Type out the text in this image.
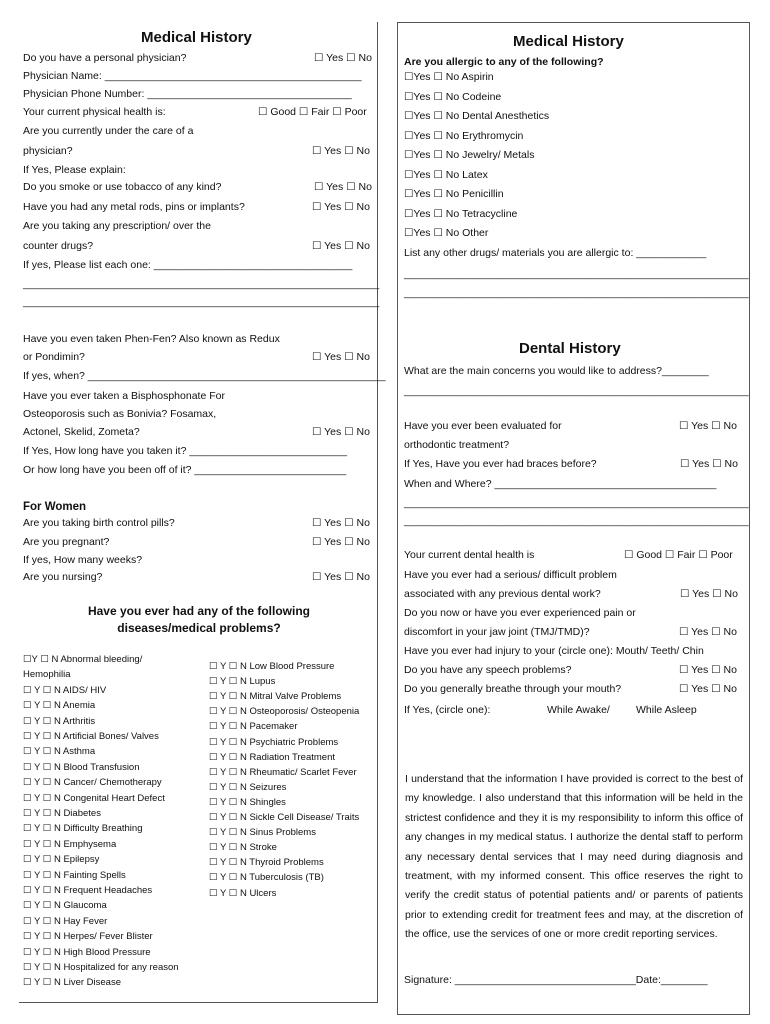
Medical History
Do you have a personal physician?	☐ Yes ☐ No
Physician Name: ____________________________________________
Physician Phone Number: ___________________________________
Your current physical health is:	☐ Good ☐ Fair ☐ Poor
Are you currently under the care of a
physician?	☐ Yes ☐ No
If Yes, Please explain:
Do you smoke or use tobacco of any kind?	☐ Yes ☐ No
Have you had any metal rods, pins or implants?	☐ Yes ☐ No
Are you taking any prescription/ over the
counter drugs?	☐ Yes ☐ No
If yes, Please list each one: __________________________________
_____________________________________________________________
_____________________________________________________________
Have you even taken Phen-Fen? Also known as Redux
or Pondimin?	☐ Yes ☐ No
If yes, when? ___________________________________________________
Have you ever taken a Bisphosphonate For
Osteoporosis such as Bonivia? Fosamax,
Actonel, Skelid, Zometa?	☐ Yes ☐ No
If Yes, How long have you taken it? ___________________________
Or how long have you been off of it? __________________________
For Women
Are you taking birth control pills?	☐ Yes ☐ No
Are you pregnant?	☐ Yes ☐ No
If yes, How many weeks?
Are you nursing?	☐ Yes ☐ No
Have you ever had any of the following diseases/medical problems?
☐Y ☐ N Abnormal bleeding/
Hemophilia
☐ Y ☐ N AIDS/ HIV
☐ Y ☐ N Anemia
☐ Y ☐ N Arthritis
☐ Y ☐ N Artificial Bones/ Valves
☐ Y ☐ N Asthma
☐ Y ☐ N Blood Transfusion
☐ Y ☐ N Cancer/ Chemotherapy
☐ Y ☐ N Congenital Heart Defect
☐ Y ☐ N Diabetes
☐ Y ☐ N Difficulty Breathing
☐ Y ☐ N Emphysema
☐ Y ☐ N Epilepsy
☐ Y ☐ N Fainting Spells
☐ Y ☐ N Frequent Headaches
☐ Y ☐ N Glaucoma
☐ Y ☐ N Hay Fever
☐ Y ☐ N Herpes/ Fever Blister
☐ Y ☐ N High Blood Pressure
☐ Y ☐ N Hospitalized for any reason
☐ Y ☐ N Liver Disease
☐ Y ☐ N Low Blood Pressure
☐ Y ☐ N Lupus
☐ Y ☐ N Mitral Valve Problems
☐ Y ☐ N Osteoporosis/ Osteopenia
☐ Y ☐ N Pacemaker
☐ Y ☐ N Psychiatric Problems
☐ Y ☐ N Radiation Treatment
☐ Y ☐ N Rheumatic/ Scarlet Fever
☐ Y ☐ N Seizures
☐ Y ☐ N Shingles
☐ Y ☐ N Sickle Cell Disease/ Traits
☐ Y ☐ N Sinus Problems
☐ Y ☐ N Stroke
☐ Y ☐ N Thyroid Problems
☐ Y ☐ N Tuberculosis (TB)
☐ Y ☐ N Ulcers
Medical History
Are you allergic to any of the following?
☐Yes ☐ No Aspirin
☐Yes ☐ No Codeine
☐Yes ☐ No Dental Anesthetics
☐Yes ☐ No Erythromycin
☐Yes ☐ No Jewelry/ Metals
☐Yes ☐ No Latex
☐Yes ☐ No Penicillin
☐Yes ☐ No Tetracycline
☐Yes ☐ No Other
List any other drugs/ materials you are allergic to: ____________
___________________________________________________________
___________________________________________________________
Dental History
What are the main concerns you would like to address?________
___________________________________________________________
Have you ever been evaluated for	☐ Yes ☐ No
orthodontic treatment?
If Yes, Have you ever had braces before?	☐ Yes ☐ No
When and Where? ______________________________________
___________________________________________________________
___________________________________________________________
Your current dental health is	☐ Good ☐ Fair ☐ Poor
Have you ever had a serious/ difficult problem
associated with any previous dental work?	☐ Yes ☐ No
Do you now or have you ever experienced pain or
discomfort in your jaw joint (TMJ/TMD)?	☐ Yes ☐ No
Have you ever had injury to your (circle one): Mouth/ Teeth/ Chin
Do you have any speech problems?	☐ Yes ☐ No
Do you generally breathe through your mouth?	☐ Yes ☐ No
If Yes, (circle one):	While Awake/ While Asleep
I understand that the information I have provided is correct to the best of my knowledge. I also understand that this information will be held in the strictest confidence and they it is my responsibility to inform this office of any changes in my medical status. I authorize the dental staff to perform any necessary dental services that I may need during diagnosis and treatment, with my informed consent. This office reserves the right to verify the credit status of potential patients and/ or parents of patients prior to extending credit for treatment fees and may, at the discretion of the office, use the services of one or more credit reporting services.
Signature: _______________________________Date:________
